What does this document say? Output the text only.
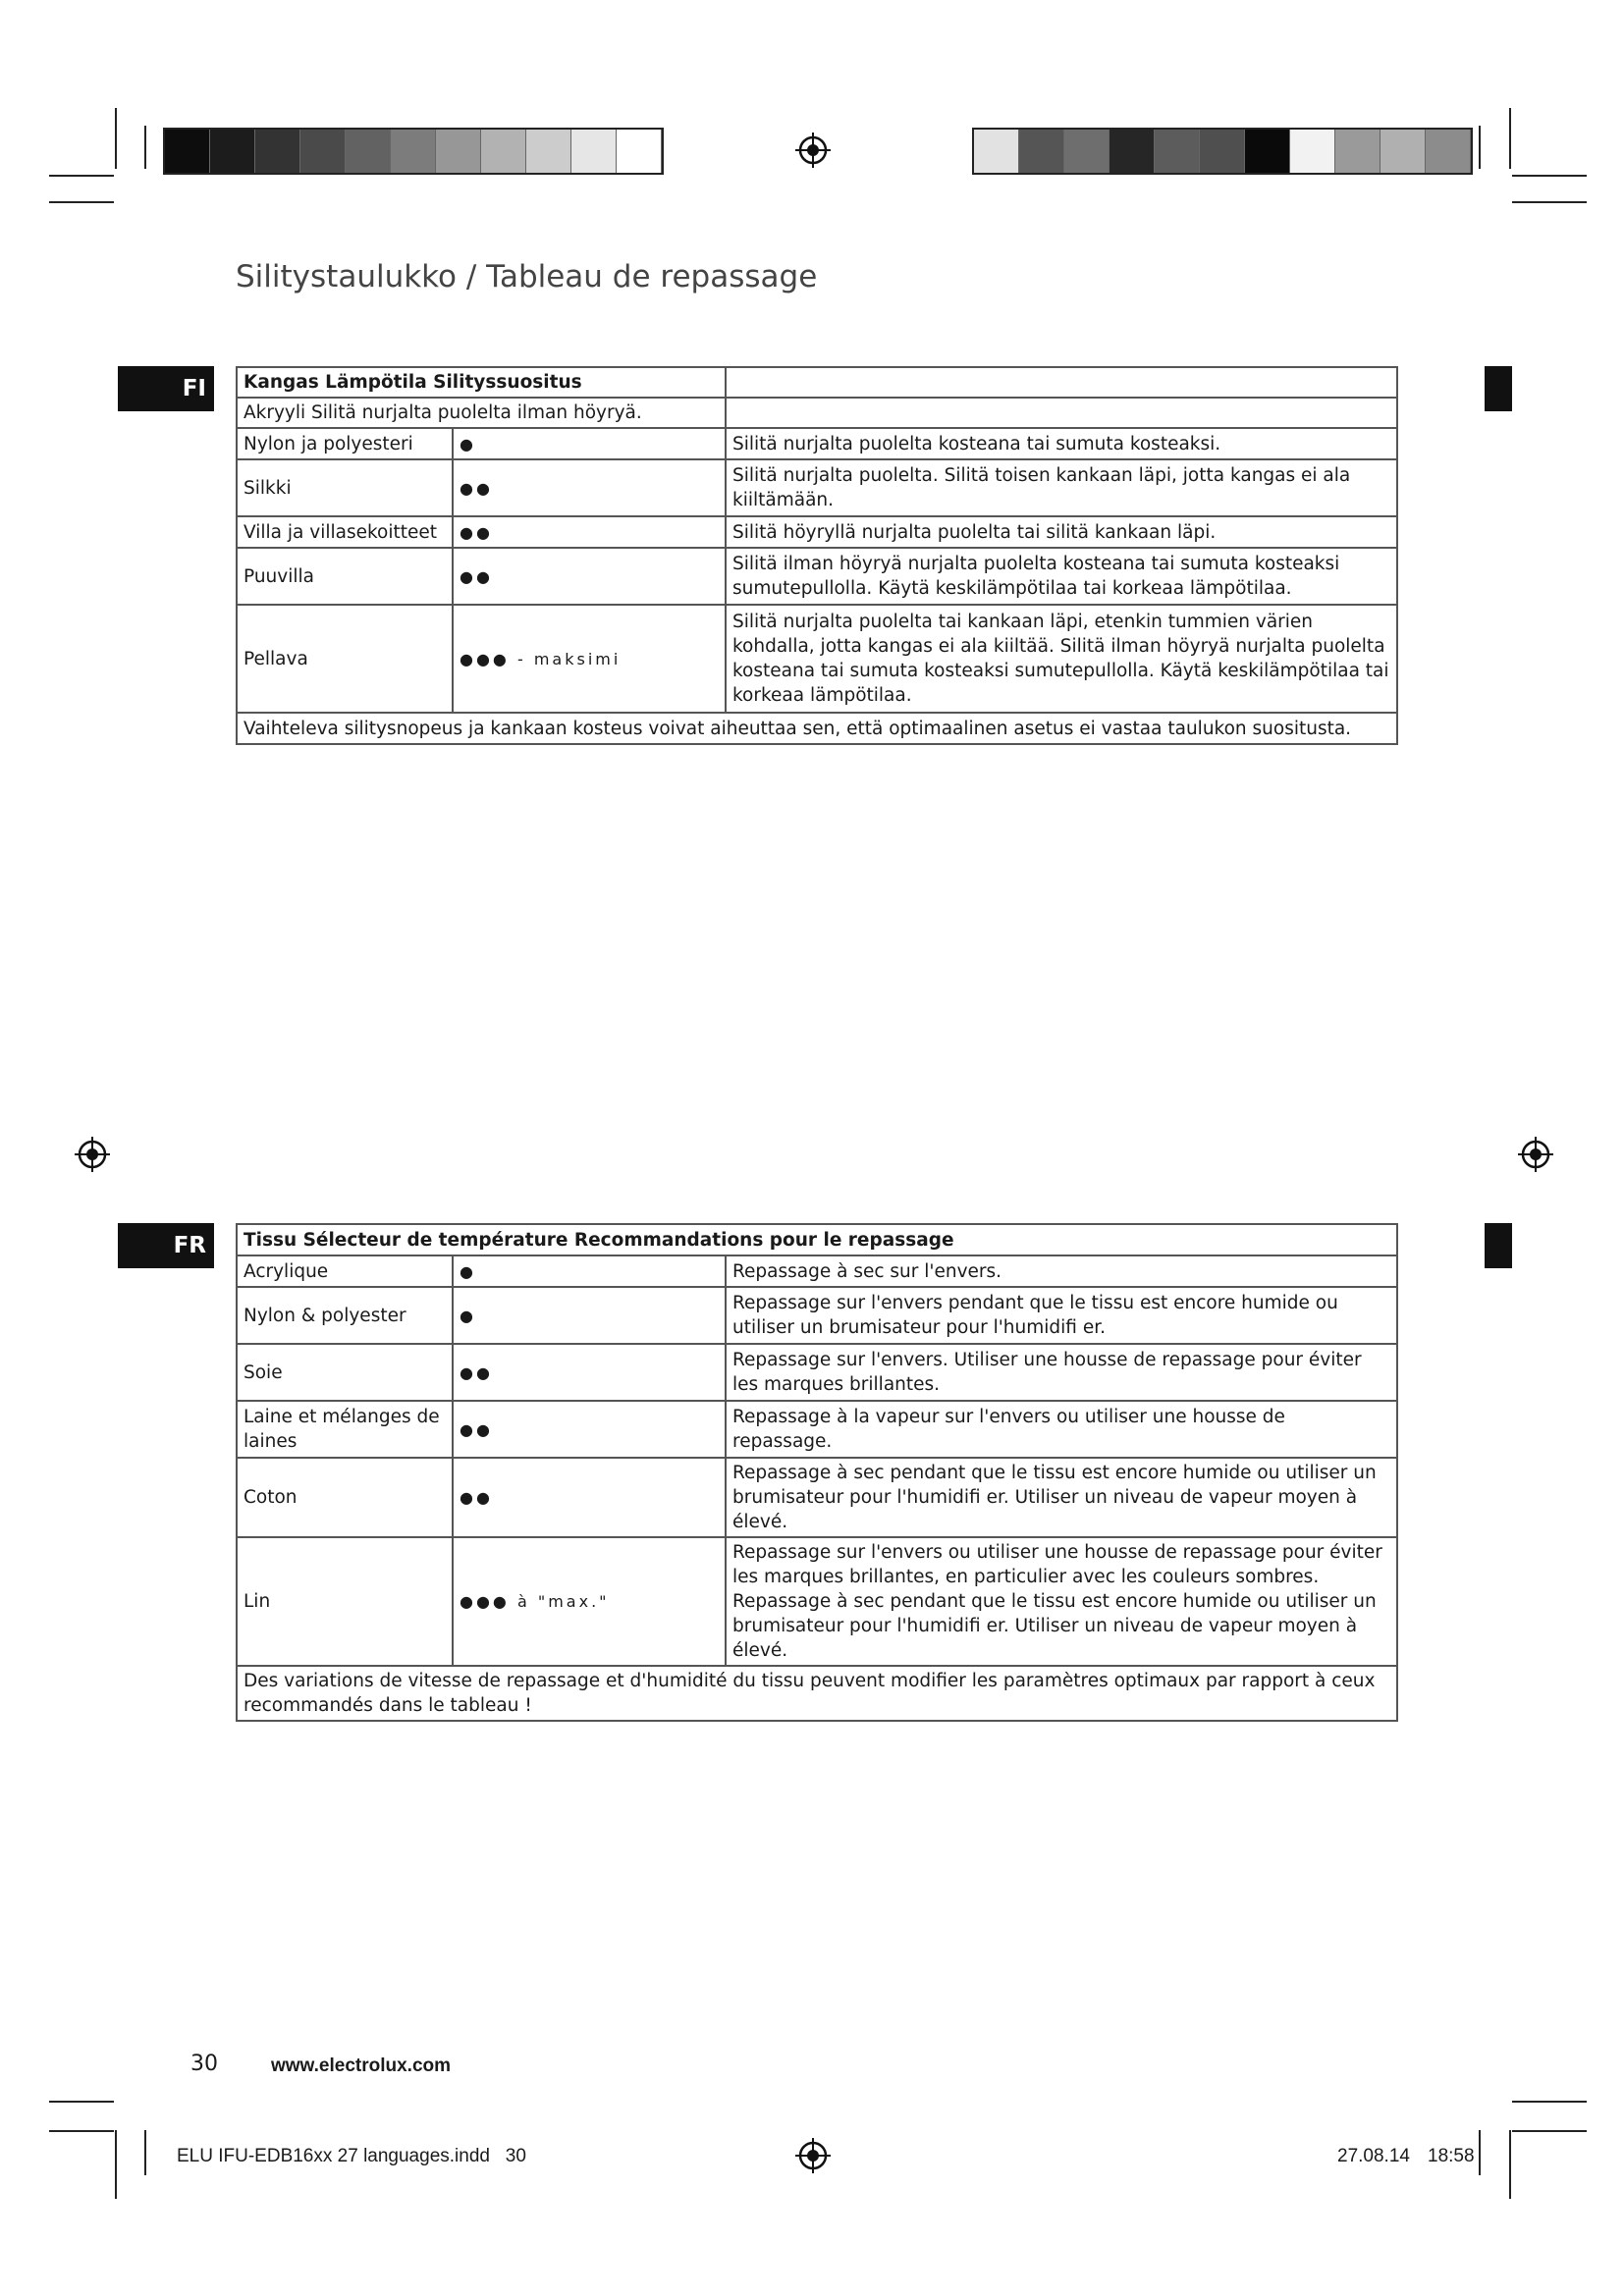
Silitystaulukko / Tableau de repassage
FI	Kangas Lämpötila Silityssuositus		
Akryyli Silitä nurjalta puolelta ilman höyryä.		
Nylon ja polyesteri	●	Silitä nurjalta puolelta kosteana tai sumuta kosteaksi.
Silkki	●●	Silitä nurjalta puolelta. Silitä toisen kankaan läpi, jotta kangas ei ala kiiltämään.
Villa ja villasekoitteet	●●	Silitä höyryllä nurjalta puolelta tai silitä kankaan läpi.
Puuvilla	●●	Silitä ilman höyryä nurjalta puolelta kosteana tai sumuta kosteaksi sumutepullolla. Käytä keskilämpötilaa tai korkeaa lämpötilaa.
Pellava	●●● - maksimi	Silitä nurjalta puolelta tai kankaan läpi, etenkin tummien värien kohdalla, jotta kangas ei ala kiiltää. Silitä ilman höyryä nurjalta puolelta kosteana tai sumuta kosteaksi sumutepullolla. Käytä keskilämpötilaa tai korkeaa lämpötilaa.
Vaihteleva silitysnopeus ja kankaan kosteus voivat aiheuttaa sen, että optimaalinen asetus ei vastaa taulukon suositusta.		
FR	Tissu Sélecteur de température Recommandations pour le repassage		
Acrylique	●	Repassage à sec sur l'envers.
Nylon & polyester	●	Repassage sur l'envers pendant que le tissu est encore humide ou utiliser un brumisateur pour l'humidifi er.
Soie	●●	Repassage sur l'envers. Utiliser une housse de repassage pour éviter les marques brillantes.
Laine et mélanges de laines	●●	Repassage à la vapeur sur l'envers ou utiliser une housse de repassage.
Coton	●●	Repassage à sec pendant que le tissu est encore humide ou utiliser un brumisateur pour l'humidifi er. Utiliser un niveau de vapeur moyen à élevé.
Lin	●●● à "max."	Repassage sur l'envers ou utiliser une housse de repassage pour éviter les marques brillantes, en particulier avec les couleurs sombres. Repassage à sec pendant que le tissu est encore humide ou utiliser un brumisateur pour l'humidifi er. Utiliser un niveau de vapeur moyen à élevé.
Des variations de vitesse de repassage et d'humidité du tissu peuvent modifier les paramètres optimaux par rapport à ceux recommandés dans le tableau !		
30	www.electrolux.com
ELU IFU-EDB16xx 27 languages.indd   30	27.08.14 18:58
